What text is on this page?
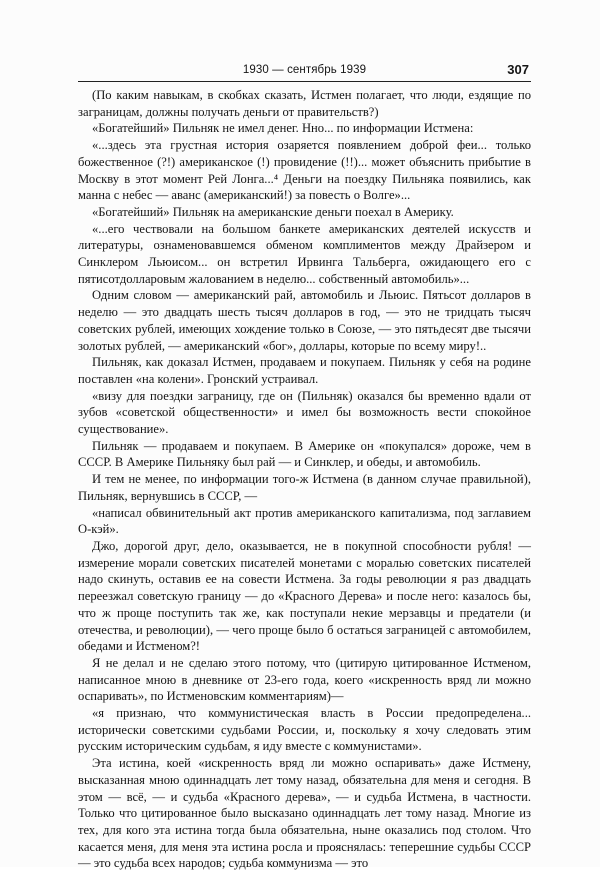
1930 — сентябрь 1939	307

(По каким навыкам, в скобках сказать, Истмен полагает, что люди, ездящие по заграницам, должны получать деньги от правительств?)

«Богатейший» Пильняк не имел денег. Нно... по информации Истмена:

«...здесь эта грустная история озаряется появлением доброй феи... только божественное (?!) американское (!) провидение (!!)... может объяснить прибытие в Москву в этот момент Рей Лонга...⁴ Деньги на поездку Пильняка появились, как манна с небес — аванс (американский!) за повесть о Волге»...

«Богатейший» Пильняк на американские деньги поехал в Америку.

«...его чествовали на большом банкете американских деятелей искусств и литературы, ознаменовавшемся обменом комплиментов между Драйзером и Синклером Льюисом... он встретил Ирвинга Тальберга, ожидающего его с пятисотдолларовым жалованием в неделю... собственный автомобиль»...

Одним словом — американский рай, автомобиль и Льюис. Пятьсот долларов в неделю — это двадцать шесть тысяч долларов в год, — это не тридцать тысяч советских рублей, имеющих хождение только в Союзе, — это пятьдесят две тысячи золотых рублей, — американский «бог», доллары, которые по всему миру!..

Пильняк, как доказал Истмен, продаваем и покупаем. Пильняк у себя на родине поставлен «на колени». Гронский устраивал.

«визу для поездки заграницу, где он (Пильняк) оказался бы временно вдали от зубов «советской общественности» и имел бы возможность вести спокойное существование».

Пильняк — продаваем и покупаем. В Америке он «покупался» дороже, чем в СССР. В Америке Пильняку был рай — и Синклер, и обеды, и автомобиль.

И тем не менее, по информации того-ж Истмена (в данном случае правильной), Пильняк, вернувшись в СССР, —

«написал обвинительный акт против американского капитализма, под заглавием О-кэй».

Джо, дорогой друг, дело, оказывается, не в покупной способности рубля! — измерение морали советских писателей монетами с моралью советских писателей надо скинуть, оставив ее на совести Истмена. За годы революции я раз двадцать переезжал советскую границу — до «Красного Дерева» и после него: казалось бы, что ж проще поступить так же, как поступали некие мерзавцы и предатели (и отечества, и революции), — чего проще было б остаться заграницей с автомобилем, обедами и Истменом?!

Я не делал и не сделаю этого потому, что (цитирую цитированное Истменом, написанное мною в дневнике от 23-его года, коего «искренность вряд ли можно оспаривать», по Истменовским комментариям)—

«я признаю, что коммунистическая власть в России предопределена... исторически советскими судьбами России, и, поскольку я хочу следовать этим русским историческим судьбам, я иду вместе с коммунистами».

Эта истина, коей «искренность вряд ли можно оспаривать» даже Истмену, высказанная мною одиннадцать лет тому назад, обязательна для меня и сегодня. В этом — всё, — и судьба «Красного дерева», — и судьба Истмена, в частности. Только что цитированное было высказано одиннадцать лет тому назад. Многие из тех, для кого эта истина тогда была обязательна, ныне оказались под столом. Что касается меня, для меня эта истина росла и прояснялась: теперешние судьбы СССР — это судьба всех народов; судьба коммунизма — это
